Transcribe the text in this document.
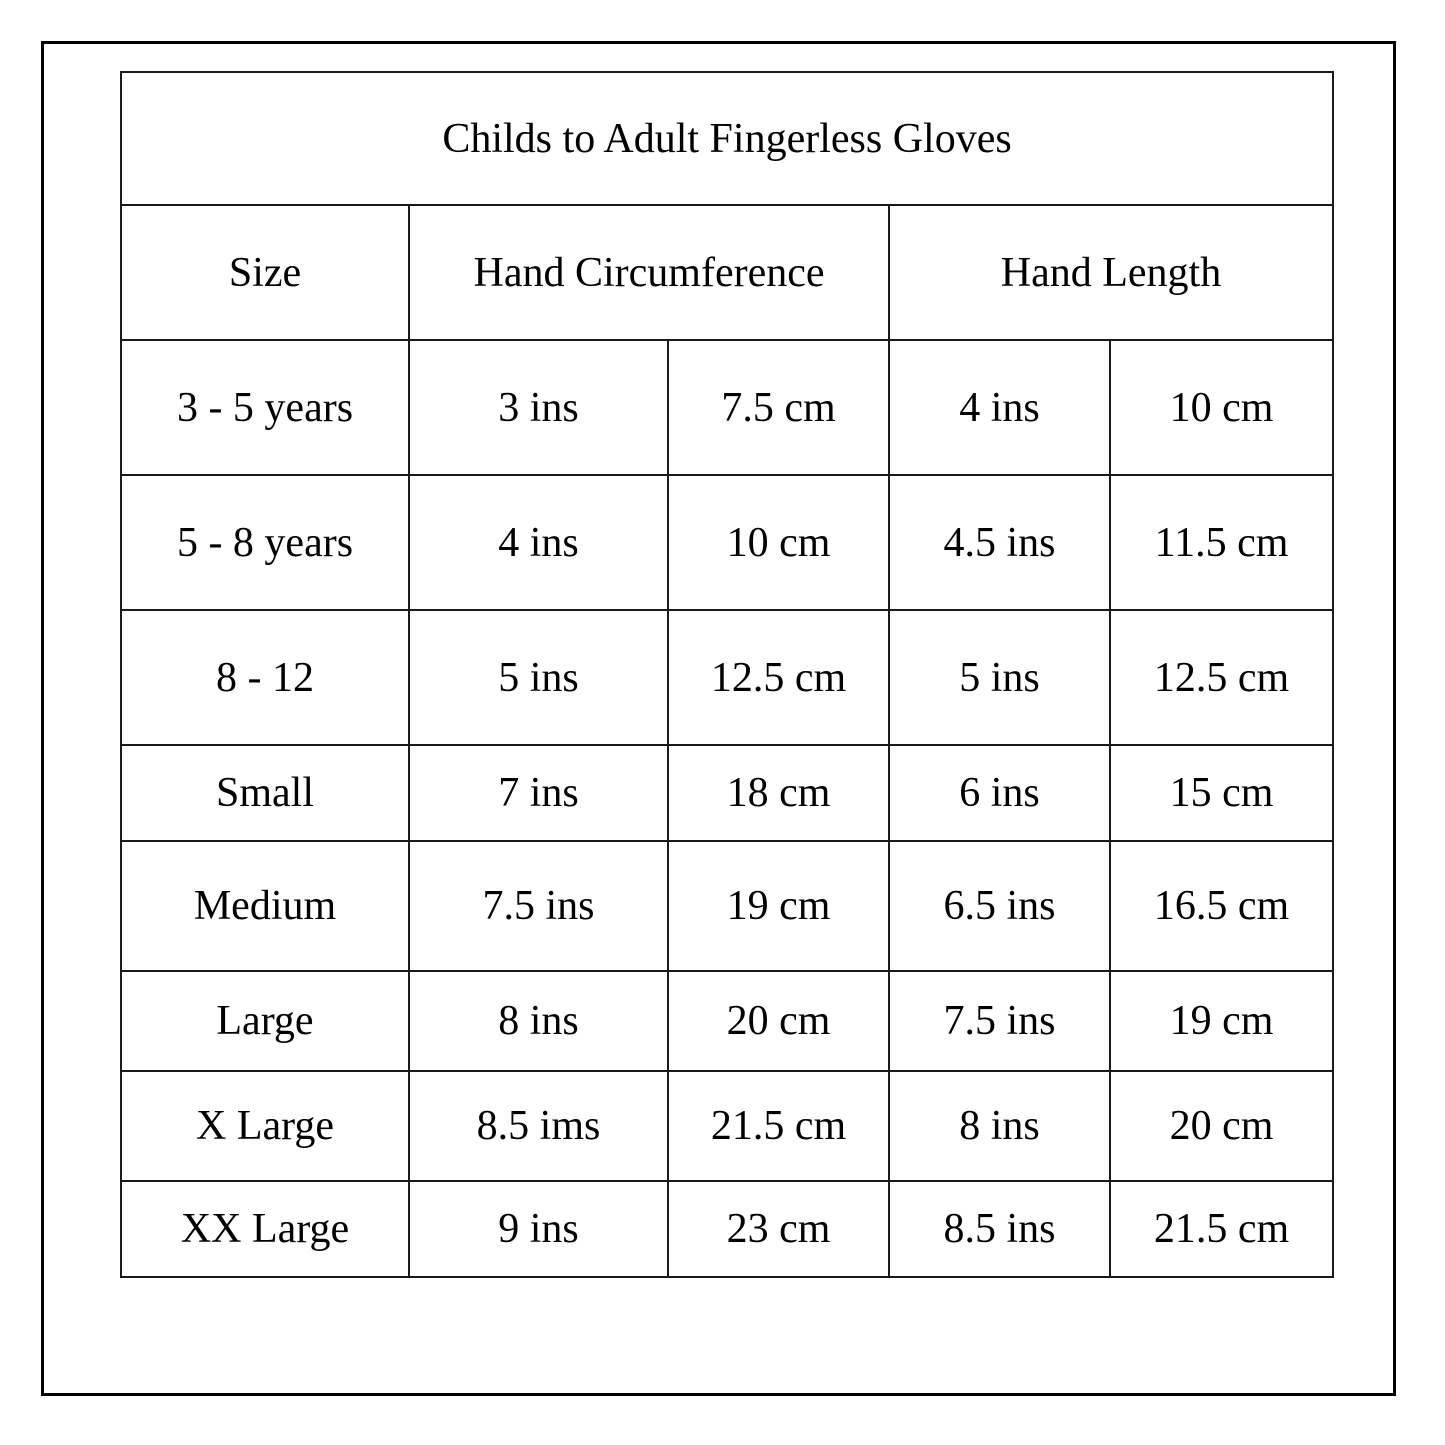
Childs to Adult Fingerless Gloves				
Size	Hand Circumference		Hand Length	
3 - 5 years	3 ins	7.5 cm	4 ins	10 cm
5 - 8 years	4 ins	10 cm	4.5 ins	11.5 cm
8 - 12	5 ins	12.5 cm	5 ins	12.5 cm
Small	7 ins	18 cm	6 ins	15 cm
Medium	7.5 ins	19 cm	6.5 ins	16.5 cm
Large	8 ins	20 cm	7.5 ins	19 cm
X Large	8.5 ims	21.5 cm	8 ins	20 cm
XX Large	9 ins	23 cm	8.5 ins	21.5 cm
